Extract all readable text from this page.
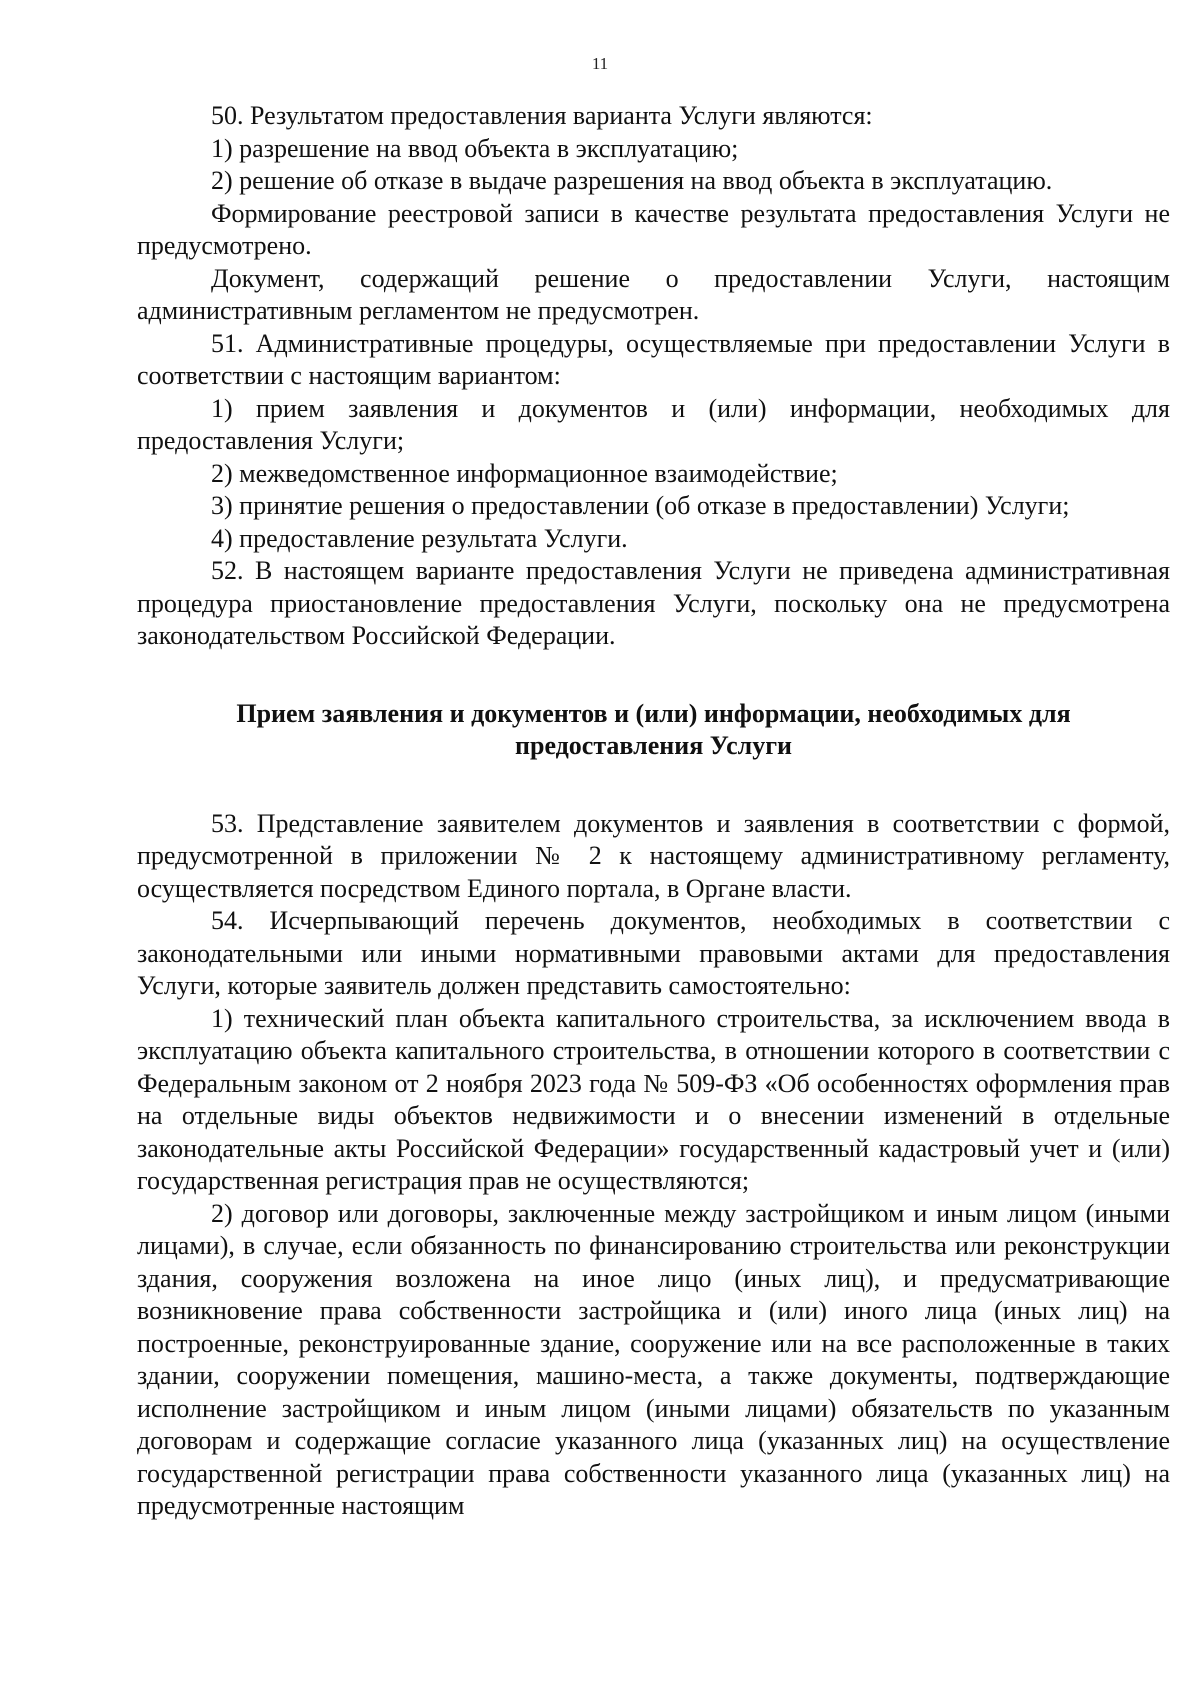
11

50. Результатом предоставления варианта Услуги являются:

1) разрешение на ввод объекта в эксплуатацию;

2) решение об отказе в выдаче разрешения на ввод объекта в эксплуатацию.

Формирование реестровой записи в качестве результата предоставления Услуги не предусмотрено.

Документ, содержащий решение о предоставлении Услуги, настоящим административным регламентом не предусмотрен.

51. Административные процедуры, осуществляемые при предоставлении Услуги в соответствии с настоящим вариантом:

1) прием заявления и документов и (или) информации, необходимых для предоставления Услуги;

2) межведомственное информационное взаимодействие;

3) принятие решения о предоставлении (об отказе в предоставлении) Услуги;

4) предоставление результата Услуги.

52. В настоящем варианте предоставления Услуги не приведена административная процедура приостановление предоставления Услуги, поскольку она не предусмотрена законодательством Российской Федерации.

Прием заявления и документов и (или) информации, необходимых для предоставления Услуги

53. Представление заявителем документов и заявления в соответствии с формой, предусмотренной в приложении № 2 к настоящему административному регламенту, осуществляется посредством Единого портала, в Органе власти.

54. Исчерпывающий перечень документов, необходимых в соответствии с законодательными или иными нормативными правовыми актами для предоставления Услуги, которые заявитель должен представить самостоятельно:

1) технический план объекта капитального строительства, за исключением ввода в эксплуатацию объекта капитального строительства, в отношении которого в соответствии с Федеральным законом от 2 ноября 2023 года № 509-ФЗ «Об особенностях оформления прав на отдельные виды объектов недвижимости и о внесении изменений в отдельные законодательные акты Российской Федерации» государственный кадастровый учет и (или) государственная регистрация прав не осуществляются;

2) договор или договоры, заключенные между застройщиком и иным лицом (иными лицами), в случае, если обязанность по финансированию строительства или реконструкции здания, сооружения возложена на иное лицо (иных лиц), и предусматривающие возникновение права собственности застройщика и (или) иного лица (иных лиц) на построенные, реконструированные здание, сооружение или на все расположенные в таких здании, сооружении помещения, машино-места, а также документы, подтверждающие исполнение застройщиком и иным лицом (иными лицами) обязательств по указанным договорам и содержащие согласие указанного лица (указанных лиц) на осуществление государственной регистрации права собственности указанного лица (указанных лиц) на предусмотренные настоящим
